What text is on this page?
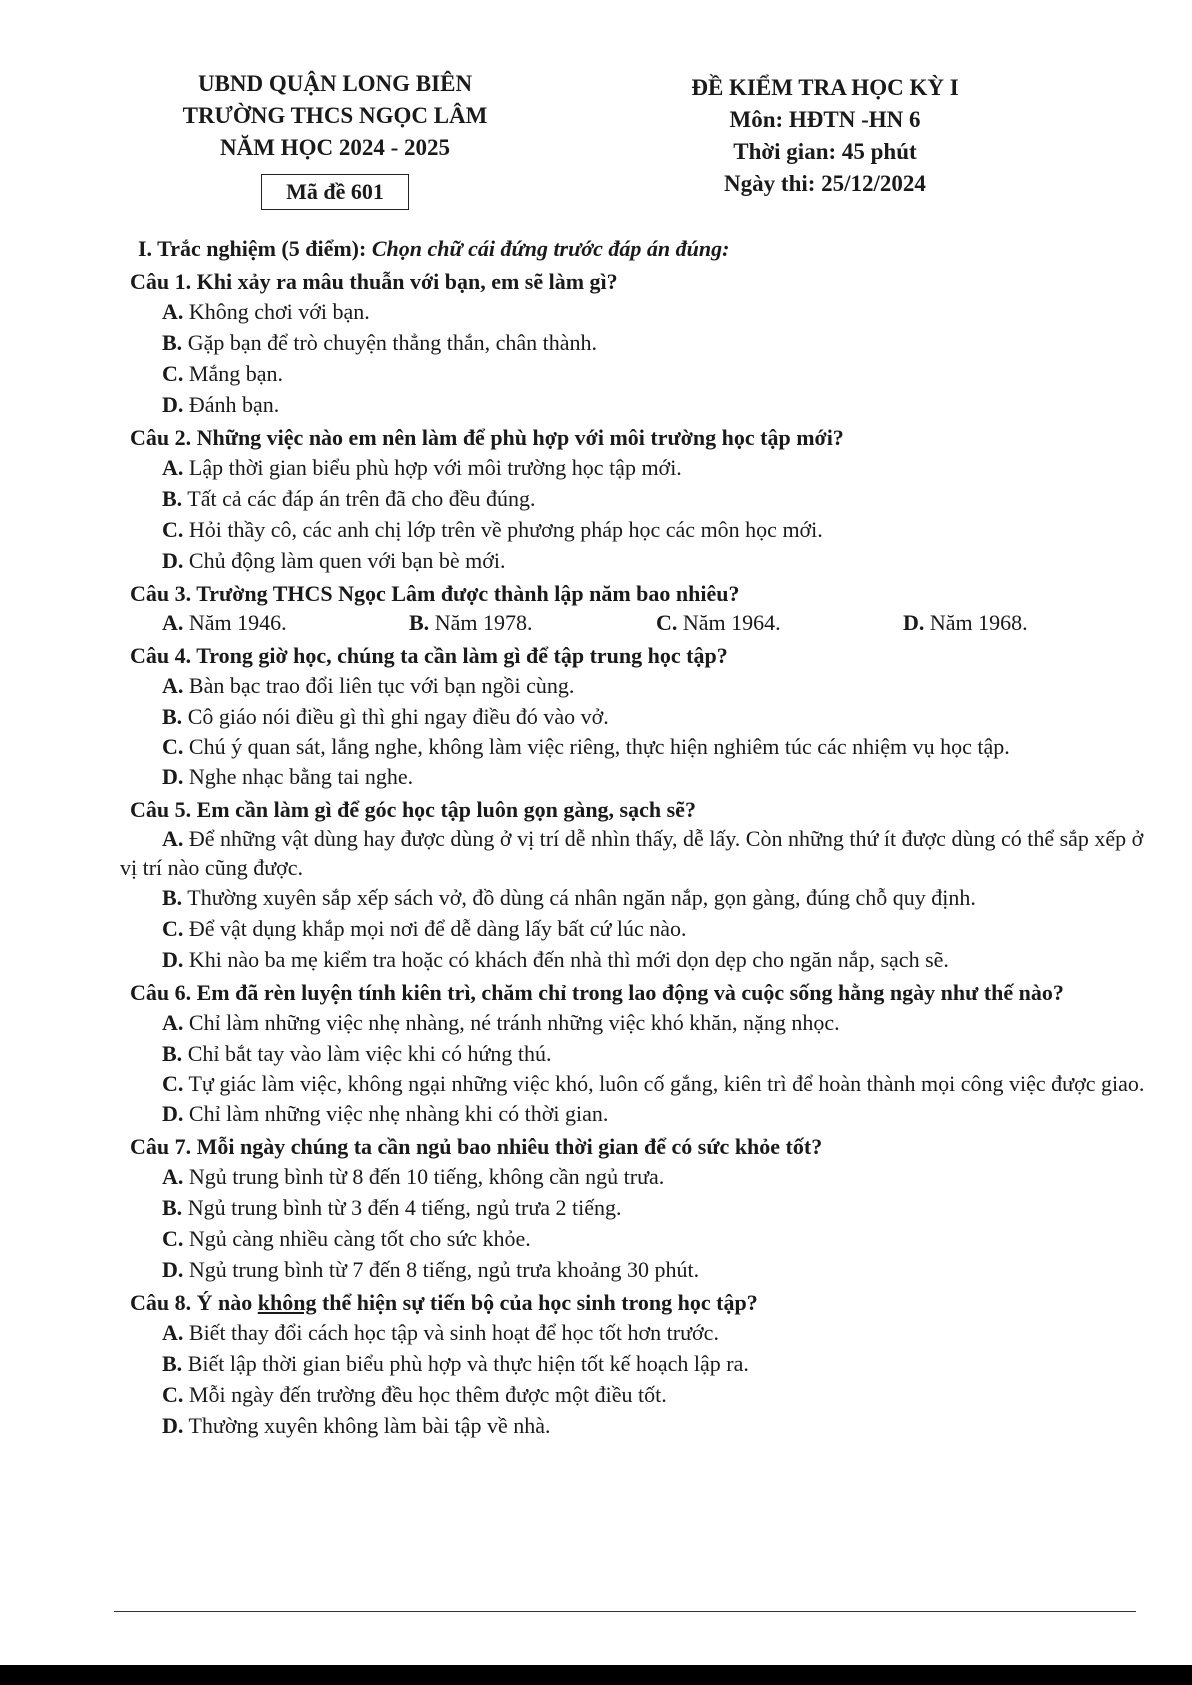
UBND QUẬN LONG BIÊN
TRƯỜNG THCS NGỌC LÂM
NĂM HỌC 2024 - 2025
Mã đề 601
ĐỀ KIỂM TRA HỌC KỲ I
Môn: HĐTN -HN 6
Thời gian: 45 phút
Ngày thi: 25/12/2024
I. Trắc nghiệm (5 điểm): Chọn chữ cái đứng trước đáp án đúng:
Câu 1. Khi xảy ra mâu thuẫn với bạn, em sẽ làm gì?
A. Không chơi với bạn.
B. Gặp bạn để trò chuyện thẳng thắn, chân thành.
C. Mắng bạn.
D. Đánh bạn.
Câu 2. Những việc nào em nên làm để phù hợp với môi trường học tập mới?
A. Lập thời gian biểu phù hợp với môi trường học tập mới.
B. Tất cả các đáp án trên đã cho đều đúng.
C. Hỏi thầy cô, các anh chị lớp trên về phương pháp học các môn học mới.
D. Chủ động làm quen với bạn bè mới.
Câu 3. Trường THCS Ngọc Lâm được thành lập năm bao nhiêu?
A. Năm 1946.	B. Năm 1978.	C. Năm 1964.	D. Năm 1968.
Câu 4. Trong giờ học, chúng ta cần làm gì để tập trung học tập?
A. Bàn bạc trao đổi liên tục với bạn ngồi cùng.
B. Cô giáo nói điều gì thì ghi ngay điều đó vào vở.
C. Chú ý quan sát, lắng nghe, không làm việc riêng, thực hiện nghiêm túc các nhiệm vụ học tập.
D. Nghe nhạc bằng tai nghe.
Câu 5. Em cần làm gì để góc học tập luôn gọn gàng, sạch sẽ?
A. Để những vật dùng hay được dùng ở vị trí dễ nhìn thấy, dễ lấy. Còn những thứ ít được dùng có thể sắp xếp ở vị trí nào cũng được.
B. Thường xuyên sắp xếp sách vở, đồ dùng cá nhân ngăn nắp, gọn gàng, đúng chỗ quy định.
C. Để vật dụng khắp mọi nơi để dễ dàng lấy bất cứ lúc nào.
D. Khi nào ba mẹ kiểm tra hoặc có khách đến nhà thì mới dọn dẹp cho ngăn nắp, sạch sẽ.
Câu 6. Em đã rèn luyện tính kiên trì, chăm chỉ trong lao động và cuộc sống hằng ngày như thế nào?
A. Chỉ làm những việc nhẹ nhàng, né tránh những việc khó khăn, nặng nhọc.
B. Chỉ bắt tay vào làm việc khi có hứng thú.
C. Tự giác làm việc, không ngại những việc khó, luôn cố gắng, kiên trì để hoàn thành mọi công việc được giao.
D. Chỉ làm những việc nhẹ nhàng khi có thời gian.
Câu 7. Mỗi ngày chúng ta cần ngủ bao nhiêu thời gian để có sức khỏe tốt?
A. Ngủ trung bình từ 8 đến 10 tiếng, không cần ngủ trưa.
B. Ngủ trung bình từ 3 đến 4 tiếng, ngủ trưa 2 tiếng.
C. Ngủ càng nhiều càng tốt cho sức khỏe.
D. Ngủ trung bình từ 7 đến 8 tiếng, ngủ trưa khoảng 30 phút.
Câu 8. Ý nào không thể hiện sự tiến bộ của học sinh trong học tập?
A. Biết thay đổi cách học tập và sinh hoạt để học tốt hơn trước.
B. Biết lập thời gian biểu phù hợp và thực hiện tốt kế hoạch lập ra.
C. Mỗi ngày đến trường đều học thêm được một điều tốt.
D. Thường xuyên không làm bài tập về nhà.
